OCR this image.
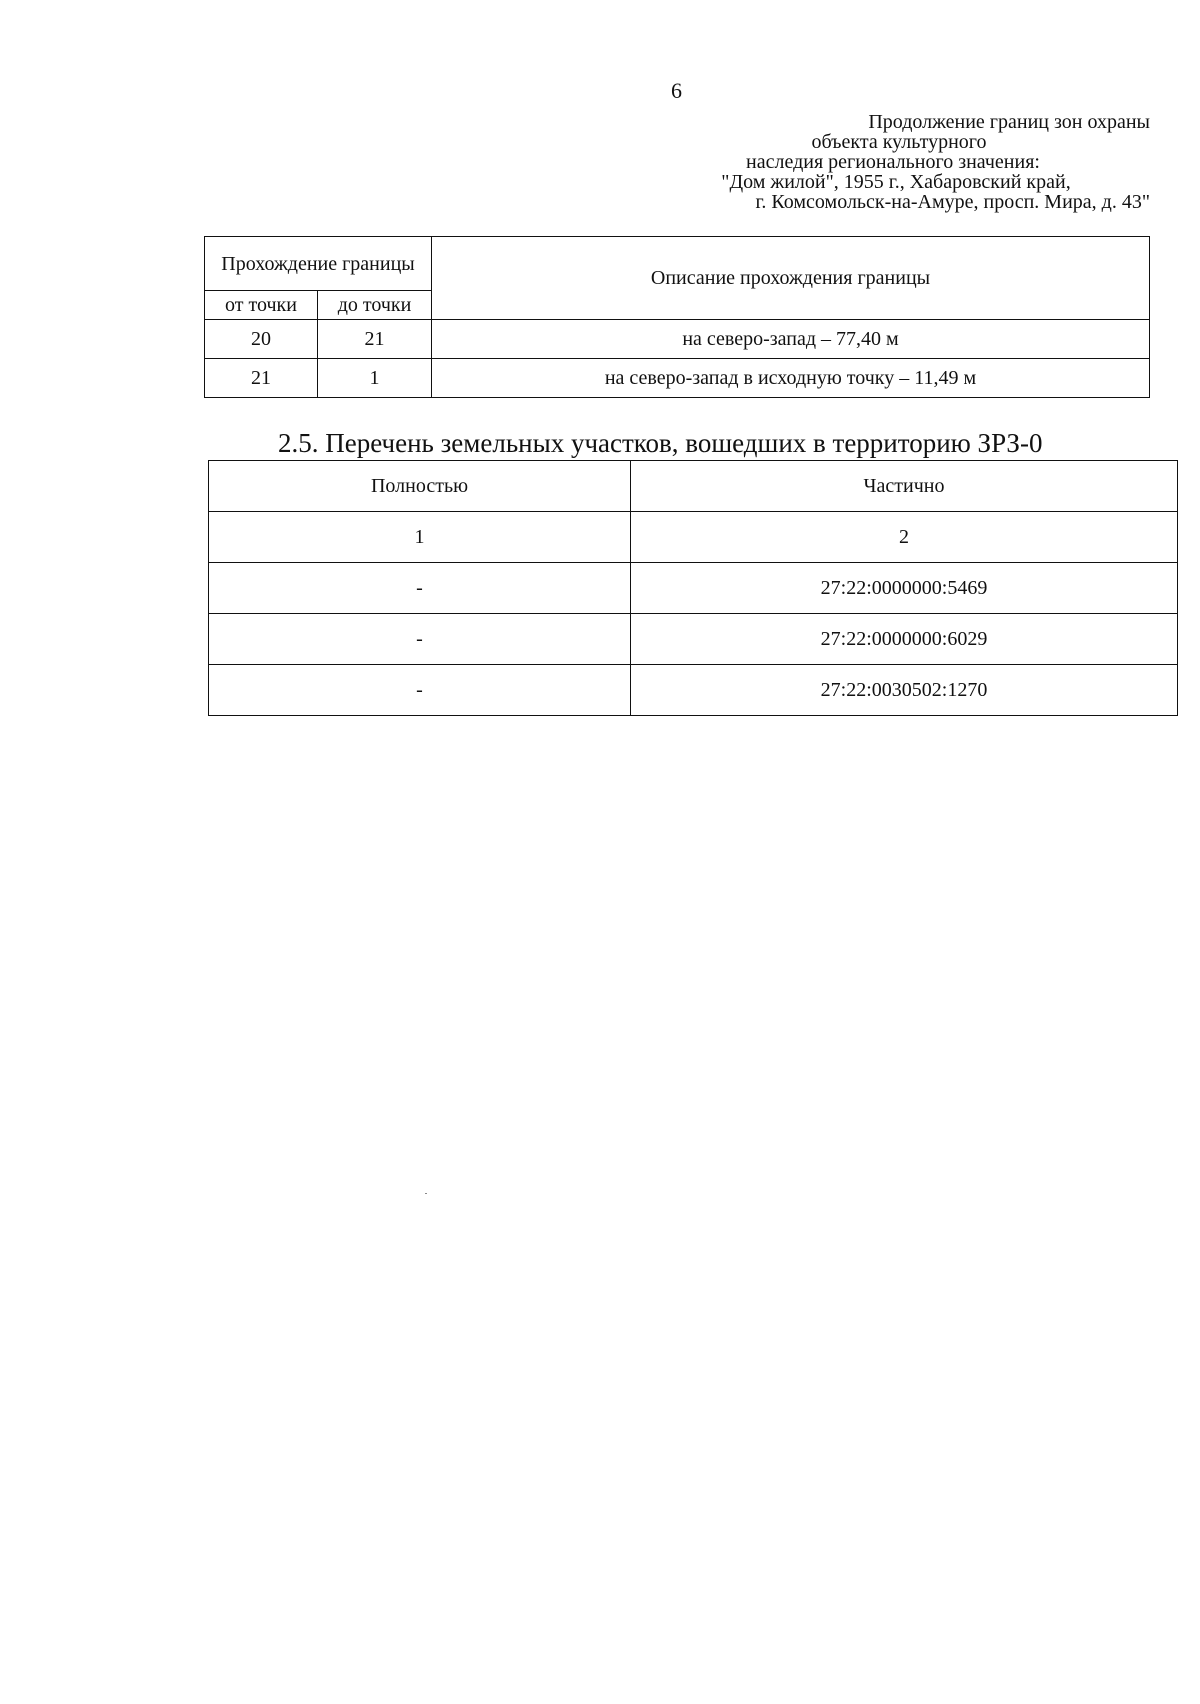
6
Продолжение границ зон охраны
объекта культурного
наследия регионального значения:
"Дом жилой", 1955 г., Хабаровский край,
г. Комсомольск-на-Амуре, просп. Мира, д. 43"
Прохождение границы		Описание прохождения границы
от точки	до точки	
20	21	на северо-запад – 77,40 м
21	1	на северо-запад в исходную точку – 11,49 м
2.5. Перечень земельных участков, вошедших в территорию ЗРЗ-0
Полностью	Частично
1	2
-	27:22:0000000:5469
-	27:22:0000000:6029
-	27:22:0030502:1270
